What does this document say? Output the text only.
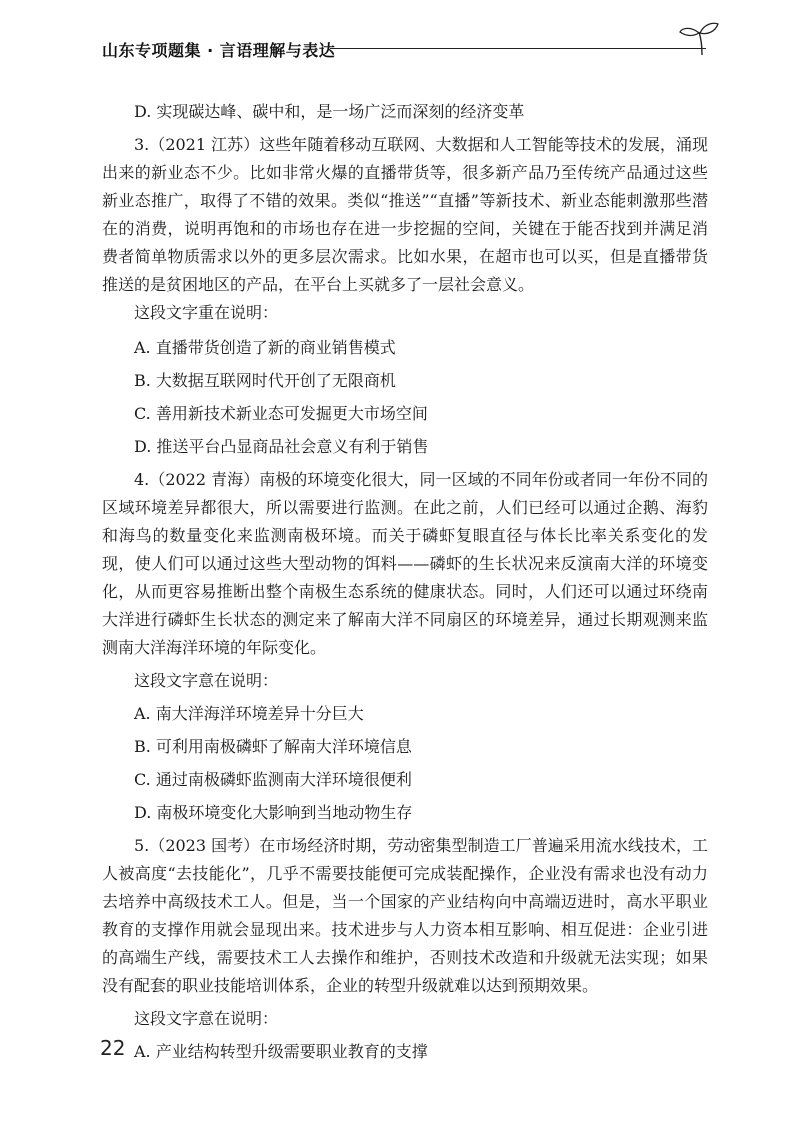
山东专项题集 · 言语理解与表达

D. 实现碳达峰、碳中和，是一场广泛而深刻的经济变革

3.（2021 江苏）这些年随着移动互联网、大数据和人工智能等技术的发展，涌现出来的新业态不少。比如非常火爆的直播带货等，很多新产品乃至传统产品通过这些新业态推广，取得了不错的效果。类似“推送”“直播”等新技术、新业态能刺激那些潜在的消费，说明再饱和的市场也存在进一步挖掘的空间，关键在于能否找到并满足消费者简单物质需求以外的更多层次需求。比如水果，在超市也可以买，但是直播带货推送的是贫困地区的产品，在平台上买就多了一层社会意义。

这段文字重在说明：

A. 直播带货创造了新的商业销售模式

B. 大数据互联网时代开创了无限商机

C. 善用新技术新业态可发掘更大市场空间

D. 推送平台凸显商品社会意义有利于销售

4.（2022 青海）南极的环境变化很大，同一区域的不同年份或者同一年份不同的区域环境差异都很大，所以需要进行监测。在此之前，人们已经可以通过企鹅、海豹和海鸟的数量变化来监测南极环境。而关于磷虾复眼直径与体长比率关系变化的发现，使人们可以通过这些大型动物的饵料——磷虾的生长状况来反演南大洋的环境变化，从而更容易推断出整个南极生态系统的健康状态。同时，人们还可以通过环绕南大洋进行磷虾生长状态的测定来了解南大洋不同扇区的环境差异，通过长期观测来监测南大洋海洋环境的年际变化。

这段文字意在说明：

A. 南大洋海洋环境差异十分巨大

B. 可利用南极磷虾了解南大洋环境信息

C. 通过南极磷虾监测南大洋环境很便利

D. 南极环境变化大影响到当地动物生存

5.（2023 国考）在市场经济时期，劳动密集型制造工厂普遍采用流水线技术，工人被高度“去技能化”，几乎不需要技能便可完成装配操作，企业没有需求也没有动力去培养中高级技术工人。但是，当一个国家的产业结构向中高端迈进时，高水平职业教育的支撑作用就会显现出来。技术进步与人力资本相互影响、相互促进：企业引进的高端生产线，需要技术工人去操作和维护，否则技术改造和升级就无法实现；如果没有配套的职业技能培训体系，企业的转型升级就难以达到预期效果。

这段文字意在说明：

A. 产业结构转型升级需要职业教育的支撑

22
